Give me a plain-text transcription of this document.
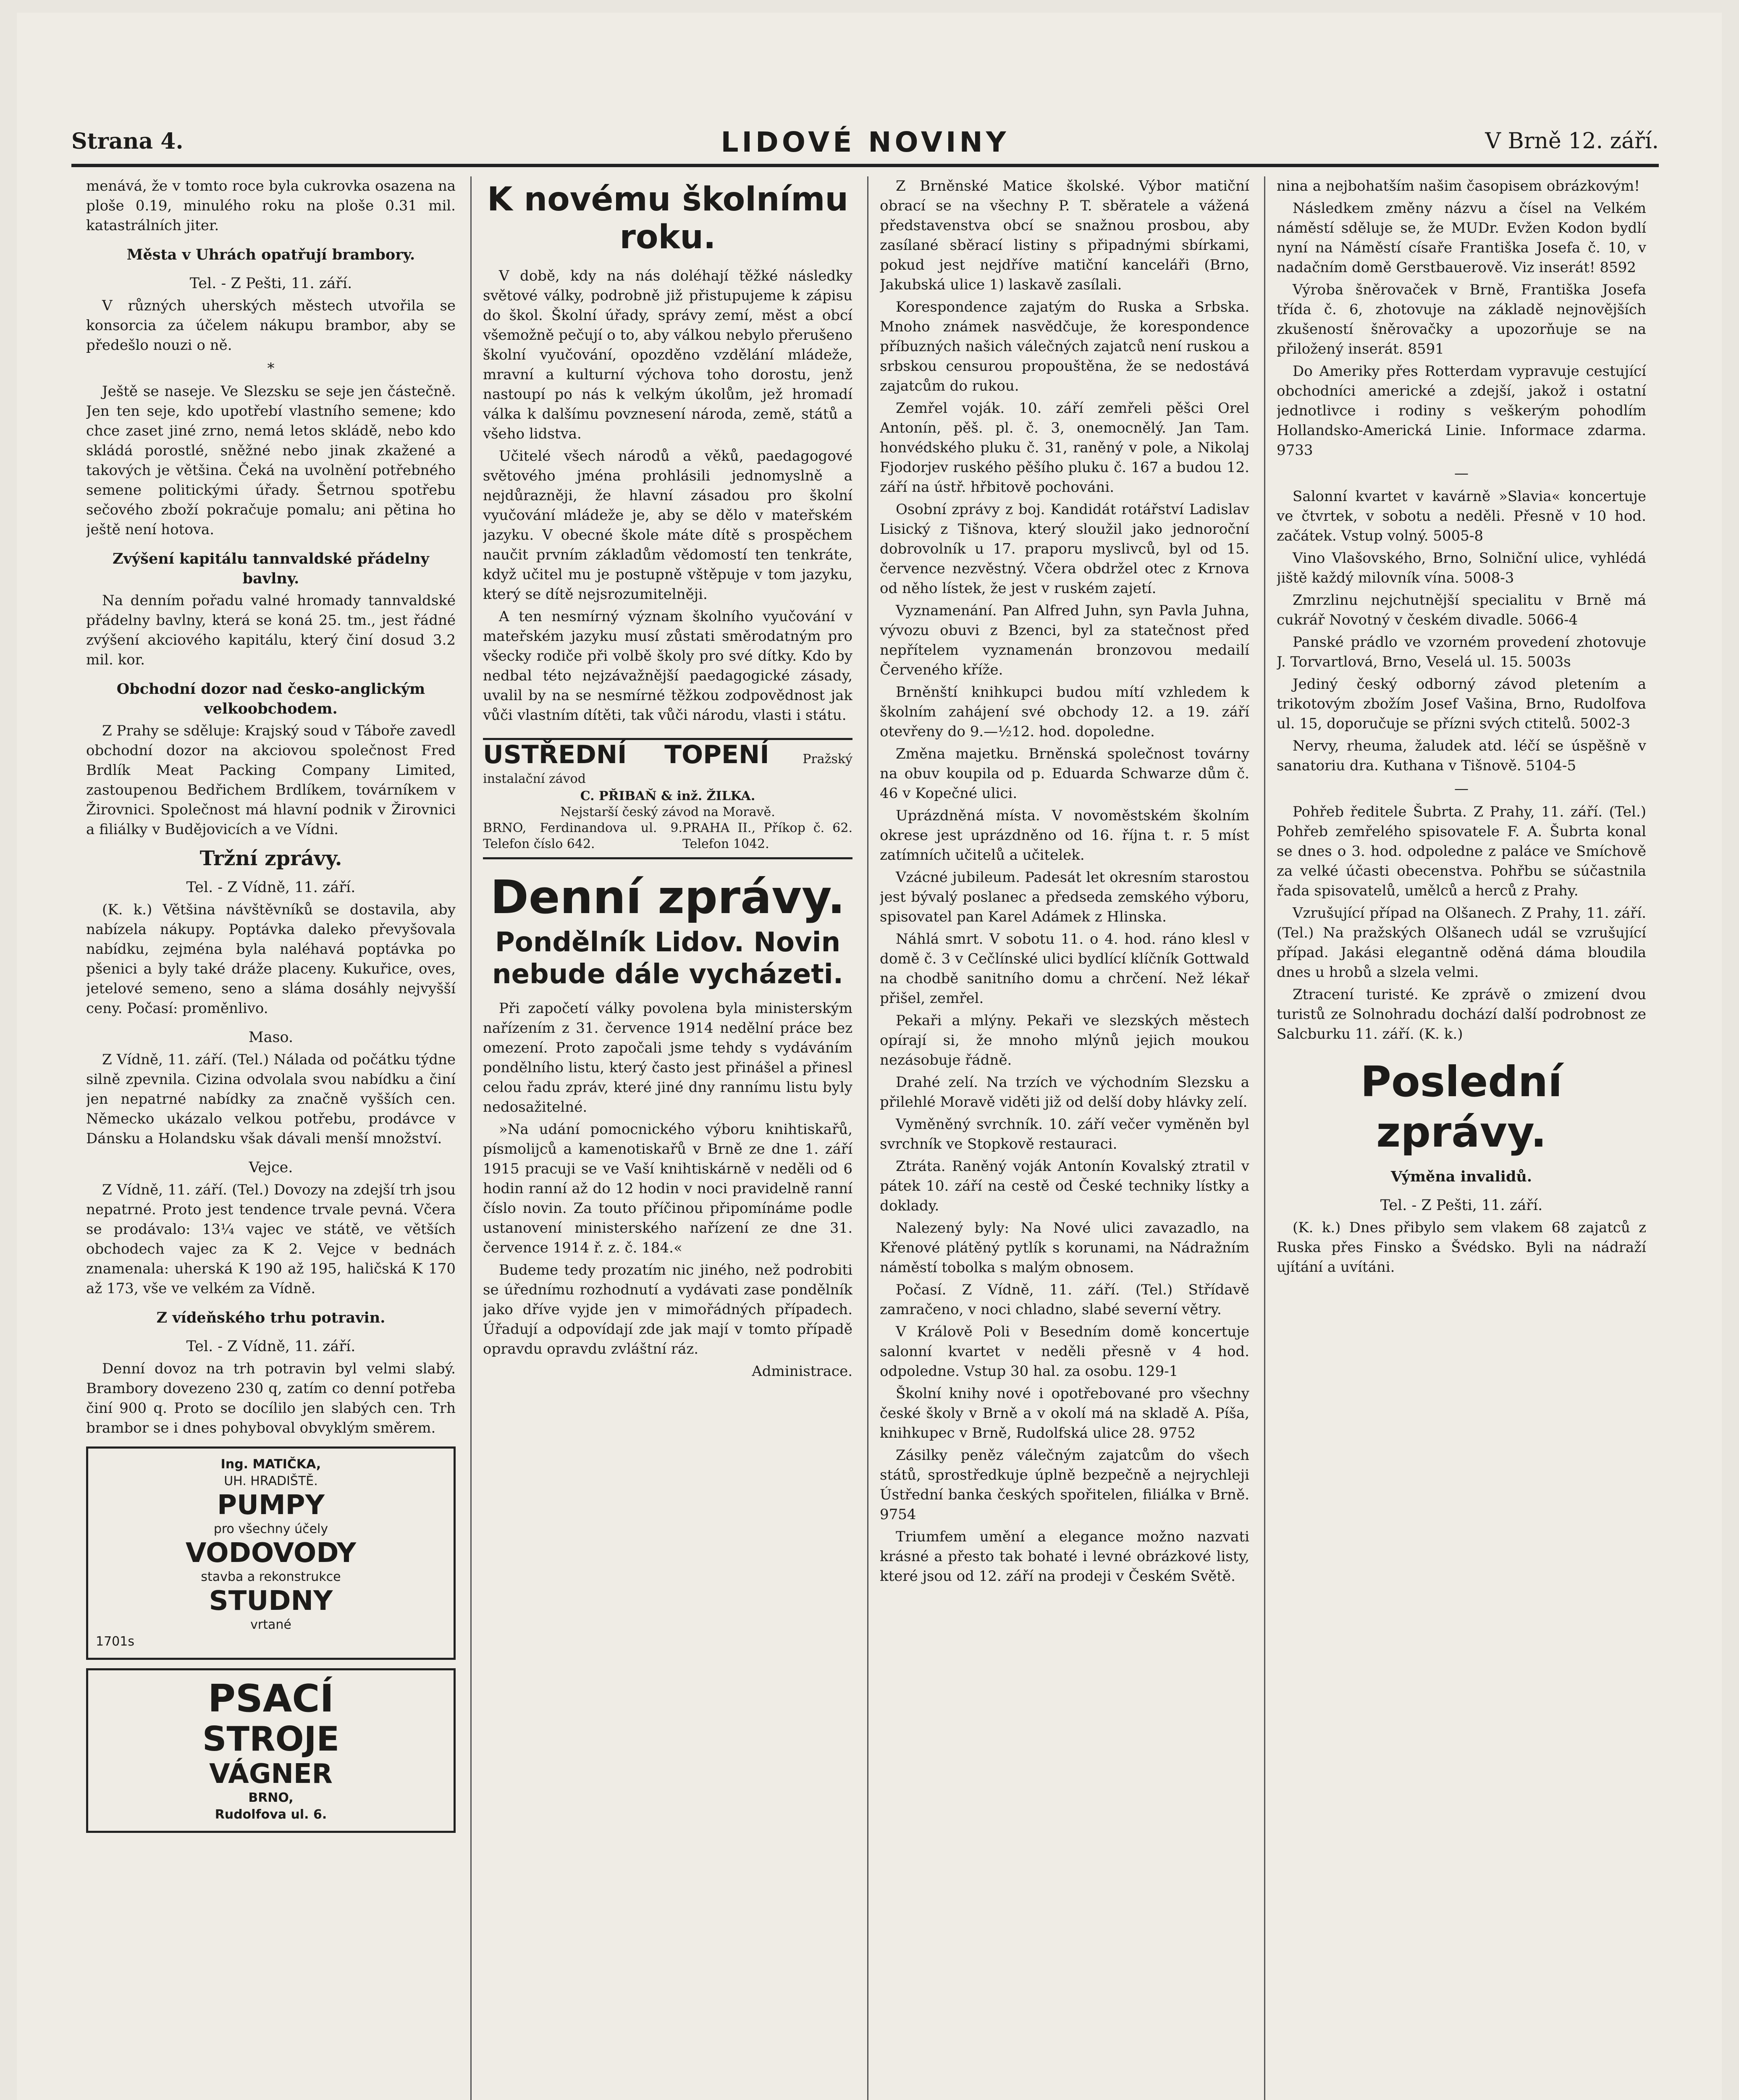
Strana 4.	LIDOVÉ NOVINY	V Brně 12. září.

menává, že v tomto roce byla cukrovka osazena na ploše 0.19, minulého roku na ploše 0.31 mil. katastrálních jiter.

Města v Uhrách opatřují brambory.
Tel. - Z Pešti, 11. září.

V různých uherských městech utvořila se konsorcia za účelem nákupu brambor, aby se předešlo nouzi o ně.

*

Ještě se naseje. Ve Slezsku se seje jen částečně. Jen ten seje, kdo upotřebí vlastního semene; kdo chce zaset jiné zrno, nemá letos skládě, nebo kdo skládá porostlé, sněžné nebo jinak zkažené a takových je většina. Čeká na uvolnění potřebného semene politickými úřady. Šetrnou spotřebu sečového zboží pokračuje pomalu; ani pětina ho ještě není hotova.

Zvýšení kapitálu tannvaldské přádelny bavlny.

Na denním pořadu valné hromady tannvaldské přádelny bavlny, která se koná 25. tm., jest řádné zvýšení akciového kapitálu, který činí dosud 3.2 mil. kor.

Obchodní dozor nad česko-anglickým velkoobchodem.

Z Prahy se sděluje: Krajský soud v Táboře zavedl obchodní dozor na akciovou společnost Fred Brdlík Meat Packing Company Limited, zastoupenou Bedřichem Brdlíkem, továrníkem v Žirovnici. Společnost má hlavní podnik v Žirovnici a filiálky v Budějovicích a ve Vídni.

Tržní zprávy.
Tel. - Z Vídně, 11. září.

(K. k.) Většina návštěvníků se dostavila, aby nabízela nákupy. Poptávka daleko převyšovala nabídku, zejména byla naléhavá poptávka po pšenici a byly také dráže placeny. Kukuřice, oves, jetelové semeno, seno a sláma dosáhly nejvyšší ceny. Počasí: proměnlivo.

Maso.

Z Vídně, 11. září. (Tel.) Nálada od počátku týdne silně zpevnila. Cizina odvolala svou nabídku a činí jen nepatrné nabídky za značně vyšších cen. Německo ukázalo velkou potřebu, prodávce v Dánsku a Holandsku však dávali menší množství.

Vejce.

Z Vídně, 11. září. (Tel.) Dovozy na zdejší trh jsou nepatrné. Proto jest tendence trvale pevná. Včera se prodávalo: 13¼ vajec ve státě, ve větších obchodech vajec za K 2. Vejce v bednách znamenala: uherská K 190 až 195, haličská K 170 až 173, vše ve velkém za Vídně.

Z vídeňského trhu potravin.
Tel. - Z Vídně, 11. září.

Denní dovoz na trh potravin byl velmi slabý. Brambory dovezeno 230 q, zatím co denní potřeba činí 900 q. Proto se docílilo jen slabých cen. Trh brambor se i dnes pohyboval obvyklým směrem.

Ing. MATIČKA,
UH. HRADIŠTĚ.
PUMPY
pro všechny účely
VODOVODY
stavba a rekonstrukce
STUDNY
vrtané
1701s
PSACÍ
STROJE
VÁGNER
BRNO,
Rudolfova ul. 6.
K novému školnímu roku.

V době, kdy na nás doléhají těžké následky světové války, podrobně již přistupujeme k zápisu do škol. Školní úřady, správy zemí, měst a obcí všemožně pečují o to, aby válkou nebylo přerušeno školní vyučování, opozděno vzdělání mládeže, mravní a kulturní výchova toho dorostu, jenž nastoupí po nás k velkým úkolům, jež hromadí válka k dalšímu povznesení národa, země, států a všeho lidstva.

Učitelé všech národů a věků, paedagogové světového jména prohlásili jednomyslně a nejdůrazněji, že hlavní zásadou pro školní vyučování mládeže je, aby se dělo v mateřském jazyku. V obecné škole máte dítě s prospěchem naučit prvním základům vědomostí ten tenkráte, když učitel mu je postupně vštěpuje v tom jazyku, který se dítě nejsrozumitelněji.

A ten nesmírný význam školního vyučování v mateřském jazyku musí zůstati směrodatným pro všecky rodiče při volbě školy pro své dítky. Kdo by nedbal této nejzávažnější paedagogické zásady, uvalil by na se nesmírné těžkou zodpovědnost jak vůči vlastním dítěti, tak vůči národu, vlasti i státu.

USTŘEDNÍ TOPENÍ	Pražský instalační závod
C. PŘIBAŇ & inž. ŽILKA.
Nejstarší český závod na Moravě.
BRNO, Ferdinandova ul. 9. Telefon číslo 642.
PRAHA II., Příkop č. 62. Telefon 1042.
Denní zprávy.
Pondělník Lidov. Novin nebude dále vycházeti.

Při započetí války povolena byla ministerským nařízením z 31. července 1914 nedělní práce bez omezení. Proto započali jsme tehdy s vydáváním pondělního listu, který často jest přinášel a přinesl celou řadu zpráv, které jiné dny rannímu listu byly nedosažitelné.

»Na udání pomocnického výboru knihtiskařů, písmolijců a kamenotiskařů v Brně ze dne 1. září 1915 pracuji se ve Vaší knihtiskárně v neděli od 6 hodin ranní až do 12 hodin v noci pravidelně ranní číslo novin. Za touto příčinou připomínáme podle ustanovení ministerského nařízení ze dne 31. července 1914 ř. z. č. 184.«

Budeme tedy prozatím nic jiného, než podrobiti se úřednímu rozhodnutí a vydávati zase pondělník jako dříve vyjde jen v mimořádných případech. Úřadují a odpovídají zde jak mají v tomto případě opravdu opravdu zvláštní ráz.

Administrace.

Z Brněnské Matice školské. Výbor matiční obrací se na všechny P. T. sběratele a vážená představenstva obcí se snažnou prosbou, aby zasílané sběrací listiny s připadnými sbírkami, pokud jest nejdříve matiční kanceláři (Brno, Jakubská ulice 1) laskavě zasílali.

Korespondence zajatým do Ruska a Srbska. Mnoho známek nasvědčuje, že korespondence příbuzných našich válečných zajatců není ruskou a srbskou censurou propouštěna, že se nedostává zajatcům do rukou.

Zemřel voják. 10. září zemřeli pěšci Orel Antonín, pěš. pl. č. 3, onemocnělý. Jan Tam. honvédského pluku č. 31, raněný v pole, a Nikolaj Fjodorjev ruského pěšího pluku č. 167 a budou 12. září na ústř. hřbitově pochováni.

Osobní zprávy z boj. Kandidát rotářství Ladislav Lisický z Tišnova, který sloužil jako jednoroční dobrovolník u 17. praporu myslivců, byl od 15. července nezvěstný. Včera obdržel otec z Krnova od něho lístek, že jest v ruském zajetí.

Vyznamenání. Pan Alfred Juhn, syn Pavla Juhna, vývozu obuvi z Bzenci, byl za statečnost před nepřítelem vyznamenán bronzovou medailí Červeného kříže.

Brněnští knihkupci budou mítí vzhledem k školním zahájení své obchody 12. a 19. září otevřeny do 9.—½12. hod. dopoledne.

Změna majetku. Brněnská společnost továrny na obuv koupila od p. Eduarda Schwarze dům č. 46 v Kopečné ulici.

Uprázdněná místa. V novoměstském školním okrese jest uprázdněno od 16. října t. r. 5 míst zatímních učitelů a učitelek.

Vzácné jubileum. Padesát let okresním starostou jest bývalý poslanec a předseda zemského výboru, spisovatel pan Karel Adámek z Hlinska.

Náhlá smrt. V sobotu 11. o 4. hod. ráno klesl v domě č. 3 v Cečlínské ulici bydlící klíčník Gottwald na chodbě sanitního domu a chrčení. Než lékař přišel, zemřel.

Pekaři a mlýny. Pekaři ve slezských městech opírají si, že mnoho mlýnů jejich moukou nezásobuje řádně.

Drahé zelí. Na trzích ve východním Slezsku a přilehlé Moravě viděti již od delší doby hlávky zelí.

Vyměněný svrchník. 10. září večer vyměněn byl svrchník ve Stopkově restauraci.

Ztráta. Raněný voják Antonín Kovalský ztratil v pátek 10. září na cestě od České techniky lístky a doklady.

Nalezený byly: Na Nové ulici zavazadlo, na Křenové plátěný pytlík s korunami, na Nádražním náměstí tobolka s malým obnosem.

Počasí. Z Vídně, 11. září. (Tel.) Střídavě zamračeno, v noci chladno, slabé severní větry.

V Králově Poli v Besedním domě koncertuje salonní kvartet v neděli přesně v 4 hod. odpoledne. Vstup 30 hal. za osobu. 129-1

Školní knihy nové i opotřebované pro všechny české školy v Brně a v okolí má na skladě A. Píša, knihkupec v Brně, Rudolfská ulice 28. 9752

Zásilky peněz válečným zajatcům do všech států, sprostředkuje úplně bezpečně a nejrychleji Ústřední banka českých spořitelen, filiálka v Brně. 9754

Triumfem umění a elegance možno nazvati krásné a přesto tak bohaté i levné obrázkové listy, které jsou od 12. září na prodeji v Českém Světě.

nina a nejbohatším našim časopisem obrázkovým!

Následkem změny názvu a čísel na Velkém náměstí sděluje se, že MUDr. Evžen Kodon bydlí nyní na Náměstí císaře Františka Josefa č. 10, v nadačním domě Gerstbauerově. Viz inserát! 8592

Výroba šněrovaček v Brně, Františka Josefa třída č. 6, zhotovuje na základě nejnovějších zkušeností šněrovačky a upozorňuje se na přiložený inserát. 8591

Do Ameriky přes Rotterdam vypravuje cestující obchodníci americké a zdejší, jakož i ostatní jednotlivce i rodiny s veškerým pohodlím Hollandsko-Americká Linie. Informace zdarma. 9733

—

Salonní kvartet v kavárně »Slavia« koncertuje ve čtvrtek, v sobotu a neděli. Přesně v 10 hod. začátek. Vstup volný. 5005-8

Vino Vlašovského, Brno, Solniční ulice, vyhlédá jiště každý milovník vína. 5008-3

Zmrzlinu nejchutnější specialitu v Brně má cukrář Novotný v českém divadle. 5066-4

Panské prádlo ve vzorném provedení zhotovuje J. Torvartlová, Brno, Veselá ul. 15. 5003s

Jediný český odborný závod pletením a trikotovým zbožím Josef Vašina, Brno, Rudolfova ul. 15, doporučuje se přízni svých ctitelů. 5002-3

Nervy, rheuma, žaludek atd. léčí se úspěšně v sanatoriu dra. Kuthana v Tišnově. 5104-5

—

Pohřeb ředitele Šubrta. Z Prahy, 11. září. (Tel.) Pohřeb zemřelého spisovatele F. A. Šubrta konal se dnes o 3. hod. odpoledne z paláce ve Smíchově za velké účasti obecenstva. Pohřbu se súčastnila řada spisovatelů, umělců a herců z Prahy.

Vzrušující případ na Olšanech. Z Prahy, 11. září. (Tel.) Na pražských Olšanech udál se vzrušující případ. Jakási elegantně oděná dáma bloudila dnes u hrobů a slzela velmi.

Ztracení turisté. Ke zprávě o zmizení dvou turistů ze Solnohradu dochází další podrobnost ze Salcburku 11. září. (K. k.)

Poslední zprávy.
Výměna invalidů.
Tel. - Z Pešti, 11. září.

(K. k.) Dnes přibylo sem vlakem 68 zajatců z Ruska přes Finsko a Švédsko. Byli na nádraží ujítání a uvítáni.
